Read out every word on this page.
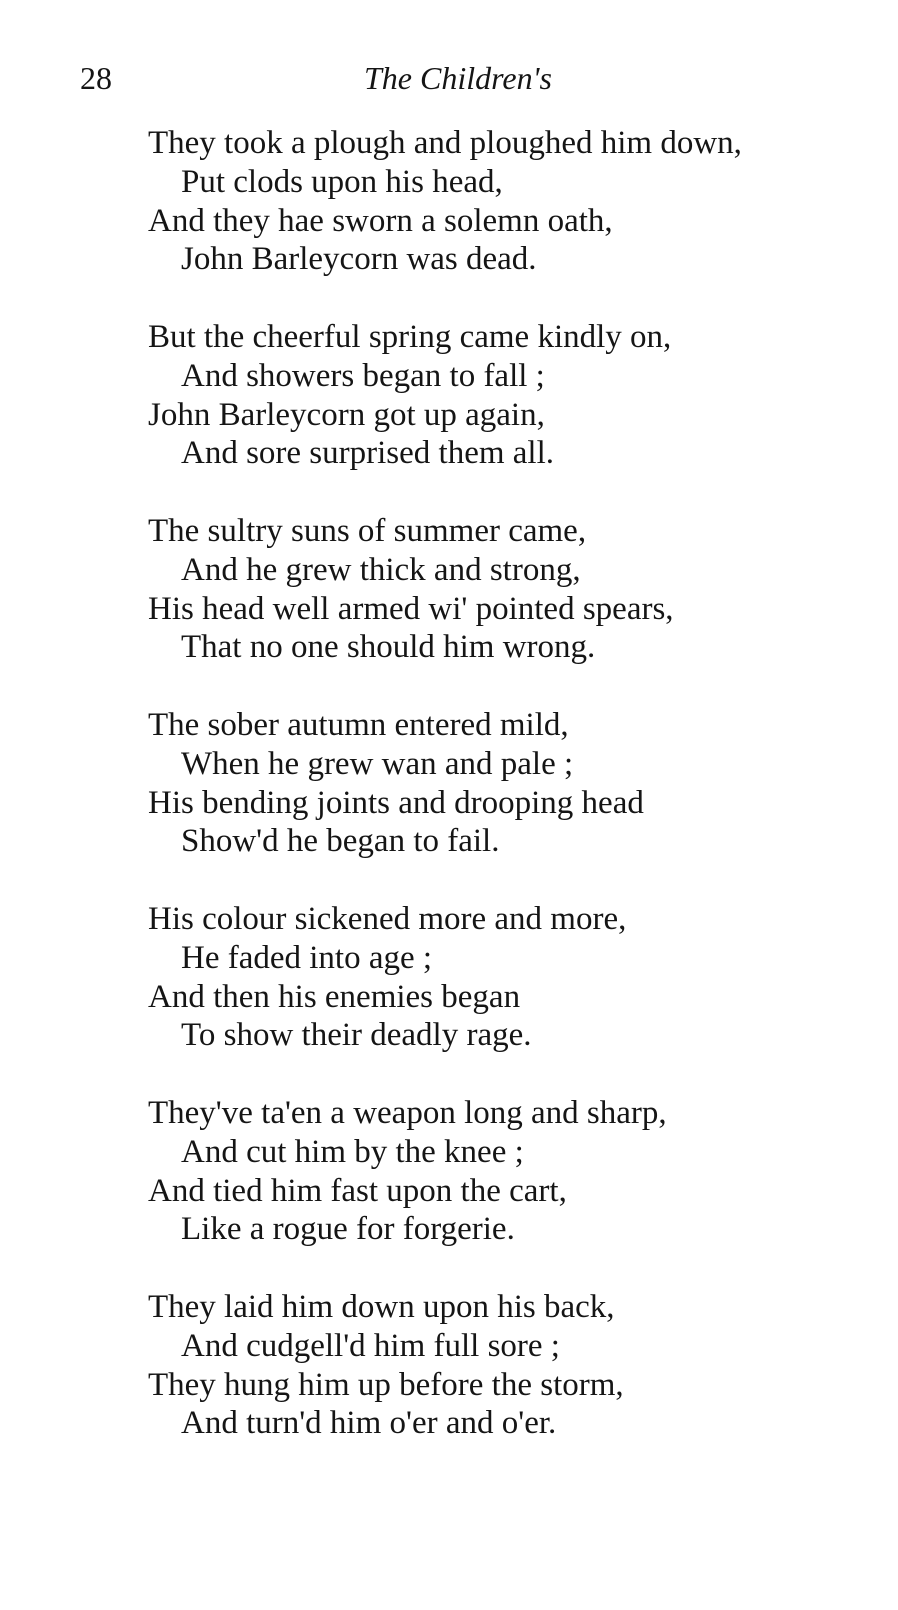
28	The Children's
They took a plough and ploughed him down,
Put clods upon his head,
And they hae sworn a solemn oath,
John Barleycorn was dead.
But the cheerful spring came kindly on,
And showers began to fall ;
John Barleycorn got up again,
And sore surprised them all.
The sultry suns of summer came,
And he grew thick and strong,
His head well armed wi' pointed spears,
That no one should him wrong.
The sober autumn entered mild,
When he grew wan and pale ;
His bending joints and drooping head
Show'd he began to fail.
His colour sickened more and more,
He faded into age ;
And then his enemies began
To show their deadly rage.
They've ta'en a weapon long and sharp,
And cut him by the knee ;
And tied him fast upon the cart,
Like a rogue for forgerie.
They laid him down upon his back,
And cudgell'd him full sore ;
They hung him up before the storm,
And turn'd him o'er and o'er.
